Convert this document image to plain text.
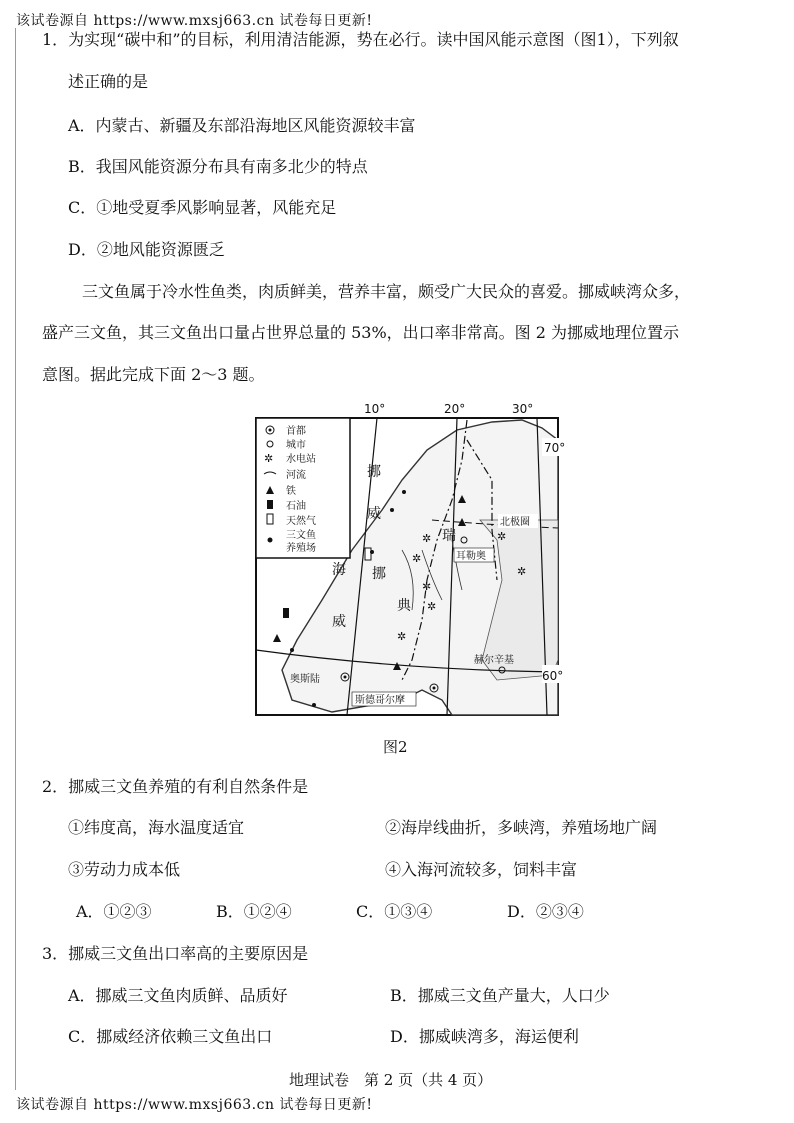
该试卷源自 https://www.mxsj663.cn 试卷每日更新!
1．为实现“碳中和”的目标，利用清洁能源，势在必行。读中国风能示意图（图1），下列叙
述正确的是
A．内蒙古、新疆及东部沿海地区风能资源较丰富
B．我国风能资源分布具有南多北少的特点
C．①地受夏季风影响显著，风能充足
D．②地风能资源匮乏
三文鱼属于冷水性鱼类，肉质鲜美，营养丰富，颇受广大民众的喜爱。挪威峡湾众多，
盛产三文鱼，其三文鱼出口量占世界总量的 53%，出口率非常高。图 2 为挪威地理位置示
意图。据此完成下面 2～3 题。
首都
城市
✲ 水电站
河流
铁
石油
天然气
三文鱼
养殖场
10°	20°	30°
70°
60°
挪
威
海 挪
威
瑞
典
北极圈
耳勒奥
赫尔辛基
奥斯陆
斯德哥尔摩
✲
✲
✲
✲
✲
✲
✲
图2
2．挪威三文鱼养殖的有利自然条件是
①纬度高，海水温度适宜	②海岸线曲折，多峡湾，养殖场地广阔
③劳动力成本低	④入海河流较多，饲料丰富
A．①②③	B．①②④	C．①③④	D．②③④
3．挪威三文鱼出口率高的主要原因是
A．挪威三文鱼肉质鲜、品质好	B．挪威三文鱼产量大，人口少
C．挪威经济依赖三文鱼出口	D．挪威峡湾多，海运便利
地理试卷　第 2 页（共 4 页）
该试卷源自 https://www.mxsj663.cn 试卷每日更新!
